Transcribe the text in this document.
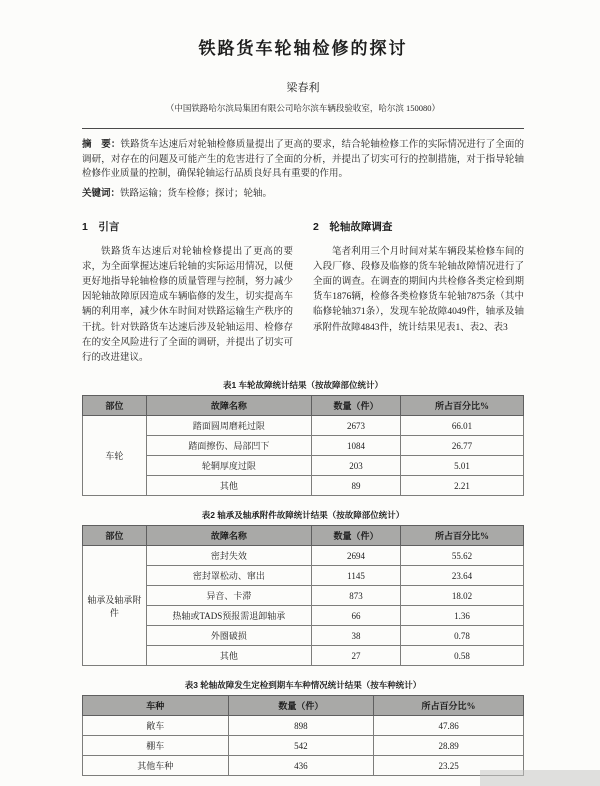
铁路货车轮轴检修的探讨
梁春利
（中国铁路哈尔滨局集团有限公司哈尔滨车辆段验收室，哈尔滨 150080）

摘　要：铁路货车达速后对轮轴检修质量提出了更高的要求，结合轮轴检修工作的实际情况进行了全面的调研，对存在的问题及可能产生的危害进行了全面的分析，并提出了切实可行的控制措施，对于指导轮轴检修作业质量的控制，确保轮轴运行品质良好具有重要的作用。

关键词：铁路运输；货车检修；探讨；轮轴。

1　引言

铁路货车达速后对轮轴检修提出了更高的要求，为全面掌握达速后轮轴的实际运用情况，以便更好地指导轮轴检修的质量管理与控制，努力减少因轮轴故障原因造成车辆临修的发生，切实提高车辆的利用率，减少休车时间对铁路运输生产秩序的干扰。针对铁路货车达速后涉及轮轴运用、检修存在的安全风险进行了全面的调研，并提出了切实可行的改进建议。

2　轮轴故障调查

笔者利用三个月时间对某车辆段某检修车间的入段厂修、段修及临修的货车轮轴故障情况进行了全面的调查。在调查的期间内共检修各类定检到期货车1876辆，检修各类检修货车轮轴7875条（其中临修轮轴371条），发现车轮故障4049件，轴承及轴承附件故障4843件，统计结果见表1、表2、表3

表1 车轮故障统计结果（按故障部位统计）
部位	故障名称	数量（件）	所占百分比%
车轮	踏面圆周磨耗过限	2673	66.01
	踏面擦伤、局部凹下	1084	26.77
	轮辋厚度过限	203	5.01
	其他	89	2.21
表2 轴承及轴承附件故障统计结果（按故障部位统计）
部位	故障名称	数量（件）	所占百分比%
轴承及轴承附件	密封失效	2694	55.62
	密封罩松动、窜出	1145	23.64
	异音、卡滞	873	18.02
	热轴或TADS预报需退卸轴承	66	1.36
	外圈破损	38	0.78
	其他	27	0.58
表3 轮轴故障发生定检到期车车种情况统计结果（按车种统计）
车种	数量（件）	所占百分比%
敞车	898	47.86
棚车	542	28.89
其他车种	436	23.25
